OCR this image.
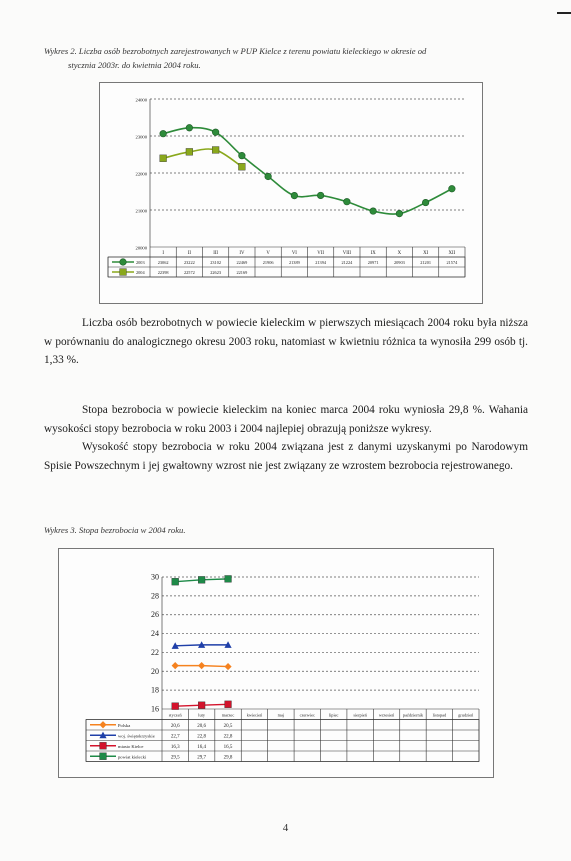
Wykres 2. Liczba osób bezrobotnych zarejestrowanych w PUP Kielce z terenu powiatu kieleckiego w okresie od
stycznia 2003r. do kwietnia 2004 roku.
24000
23000
22000
21000
20000
I	II	III	IV	V	VI	VII	VIII	IX	X	XI	XII
2003	23062	23222	23102	22469	21906	21389	21394	21224	20971	20903	21201	21574
2004	22398	22572	22623	22169

Liczba osób bezrobotnych w powiecie kieleckim w pierwszych miesiącach 2004 roku była niższa w porównaniu do analogicznego okresu 2003 roku, natomiast w kwietniu różnica ta wynosiła 299 osób tj. 1,33 %.

Stopa bezrobocia w powiecie kieleckim na koniec marca 2004 roku wyniosła 29,8 %. Wahania wysokości stopy bezrobocia w roku 2003 i 2004 najlepiej obrazują poniższe wykresy.

Wysokość stopy bezrobocia w roku 2004 związana jest z danymi uzyskanymi po Narodowym Spisie Powszechnym i jej gwałtowny wzrost nie jest związany ze wzrostem bezrobocia rejestrowanego.

Wykres 3. Stopa bezrobocia w 2004 roku.
30
28
26
24
22
20
18
16
styczeń	luty	marzec	kwiecień	maj	czerwiec	lipiec	sierpień	wrzesień październik listopad	grudzień
Polska	20,6	20,6	20,5
woj. świętokrzyskie	22,7	22,8	22,8
miasto Kielce	16,3	16,4	16,5
powiat kielecki	29,5	29,7	29,8
4
